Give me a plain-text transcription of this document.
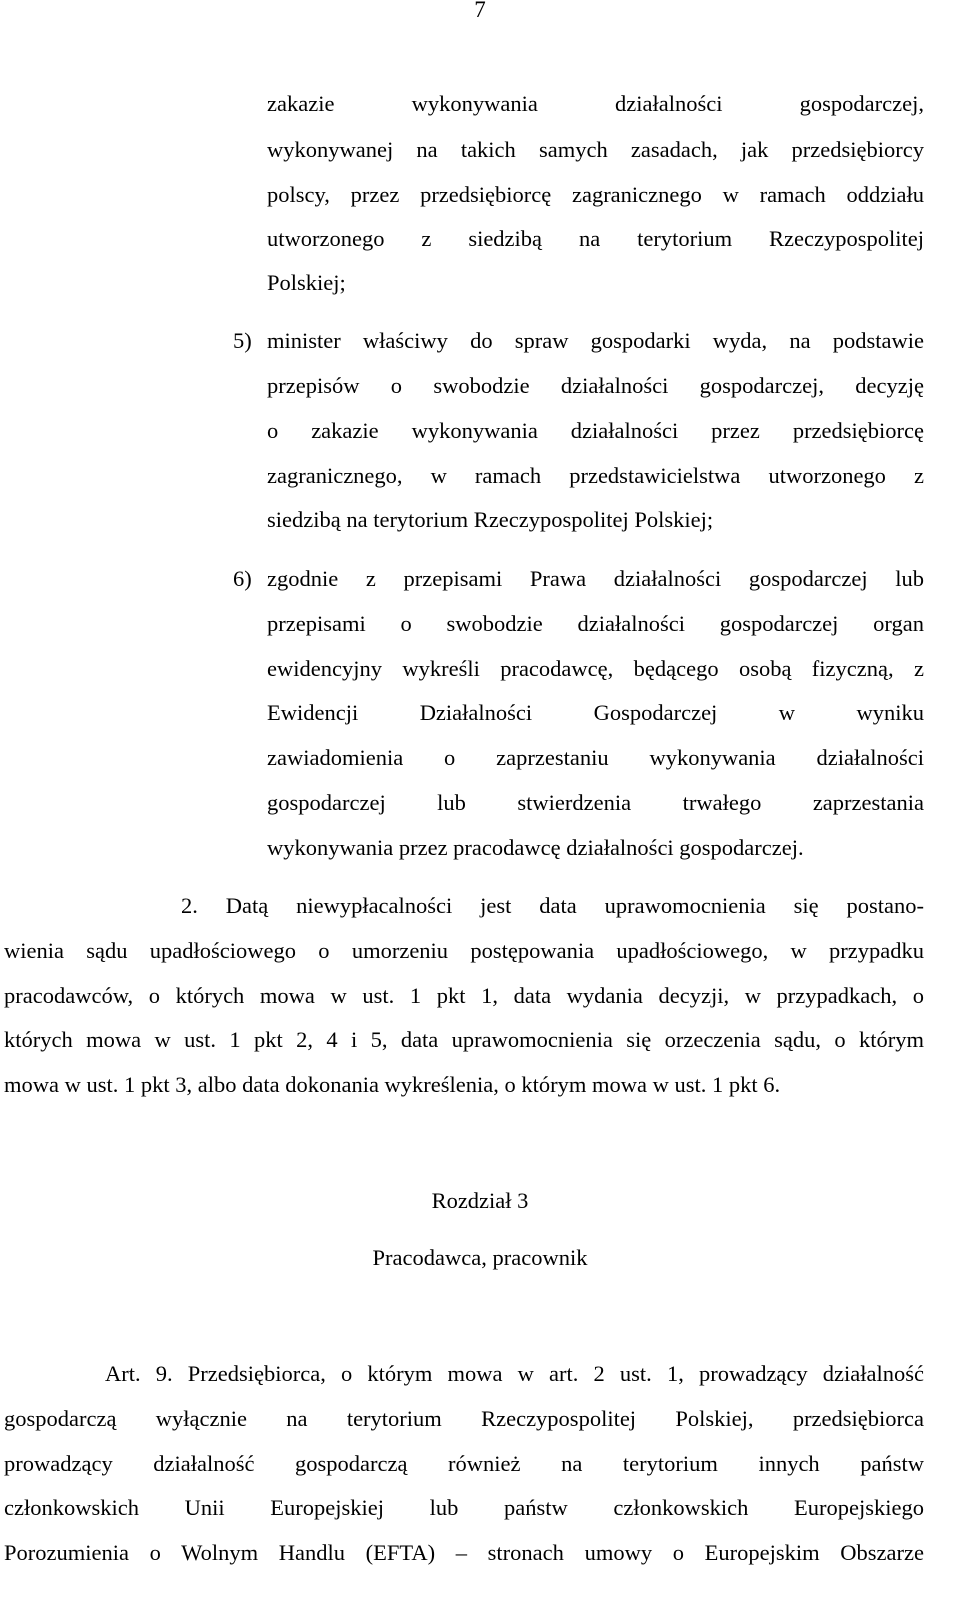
7
zakazie wykonywania działalności gospodarczej,
wykonywanej na takich samych zasadach, jak przedsiębiorcy
polscy, przez przedsiębiorcę zagranicznego w ramach oddziału
utworzonego z siedzibą na terytorium Rzeczypospolitej
Polskiej;
5) minister właściwy do spraw gospodarki wyda, na podstawie
przepisów o swobodzie działalności gospodarczej, decyzję
o zakazie wykonywania działalności przez przedsiębiorcę
zagranicznego, w ramach przedstawicielstwa utworzonego z
siedzibą na terytorium Rzeczypospolitej Polskiej;
6) zgodnie z przepisami Prawa działalności gospodarczej lub
przepisami o swobodzie działalności gospodarczej organ
ewidencyjny wykreśli pracodawcę, będącego osobą fizyczną, z
Ewidencji Działalności Gospodarczej w wyniku
zawiadomienia o zaprzestaniu wykonywania działalności
gospodarczej lub stwierdzenia trwałego zaprzestania
wykonywania przez pracodawcę działalności gospodarczej.
2. Datą niewypłacalności jest data uprawomocnienia się postano-
wienia sądu upadłościowego o umorzeniu postępowania upadłościowego, w przypadku
pracodawców, o których mowa w ust. 1 pkt 1, data wydania decyzji, w przypadkach, o
których mowa w ust. 1 pkt 2, 4 i 5, data uprawomocnienia się orzeczenia sądu, o którym
mowa w ust. 1 pkt 3, albo data dokonania wykreślenia, o którym mowa w ust. 1 pkt 6.
Rozdział 3
Pracodawca, pracownik
Art. 9. Przedsiębiorca, o którym mowa w art. 2 ust. 1, prowadzący działalność
gospodarczą wyłącznie na terytorium Rzeczypospolitej Polskiej, przedsiębiorca
prowadzący działalność gospodarczą również na terytorium innych państw
członkowskich Unii Europejskiej lub państw członkowskich Europejskiego
Porozumienia o Wolnym Handlu (EFTA) – stronach umowy o Europejskim Obszarze
